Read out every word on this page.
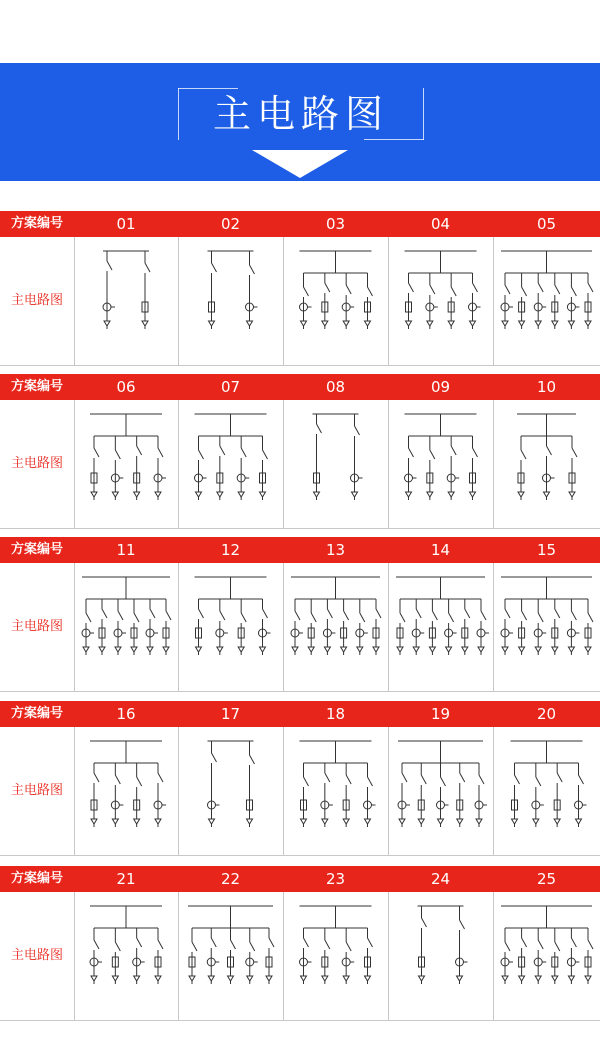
主电路图
方案编号	01	02	03	04	05
主电路图
方案编号	06	07	08	09	10
主电路图
方案编号	11	12	13	14	15
主电路图
方案编号	16	17	18	19	20
主电路图
方案编号	21	22	23	24	25
主电路图
